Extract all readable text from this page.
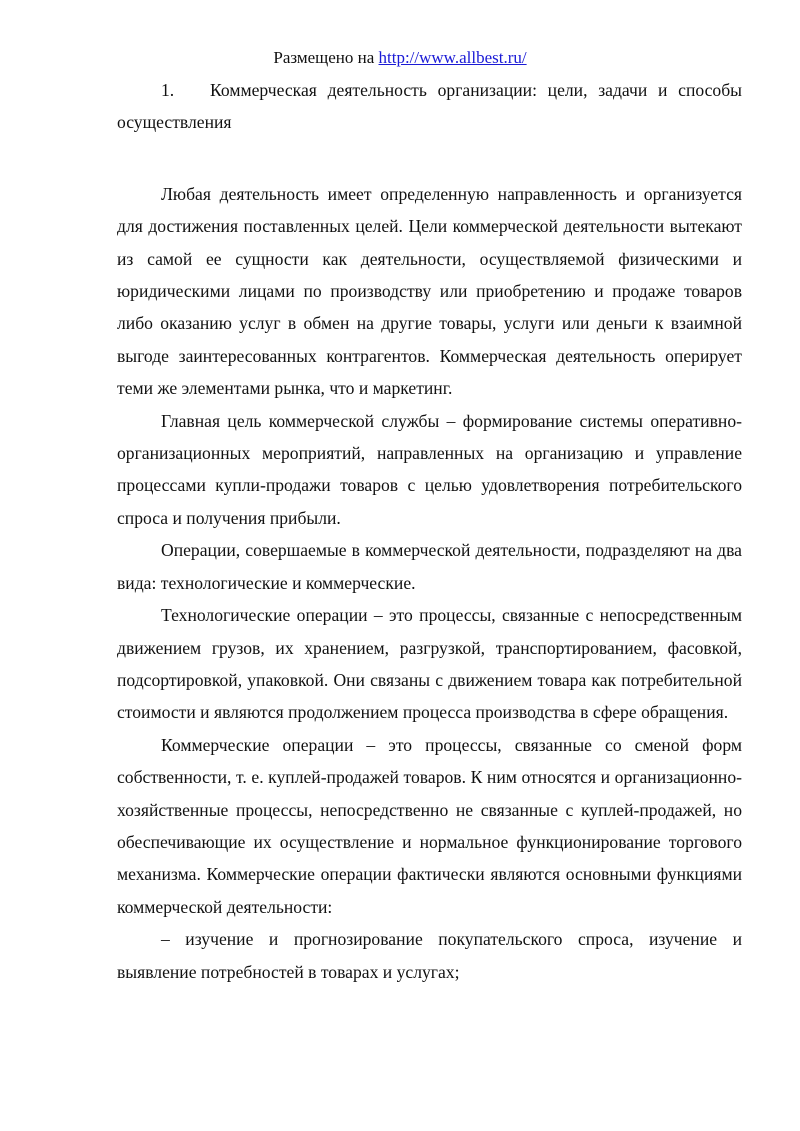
Размещено на http://www.allbest.ru/
1.	Коммерческая деятельность организации: цели, задачи и способы
осуществления

Любая деятельность имеет определенную направленность и организуется для достижения поставленных целей. Цели коммерческой деятельности вытекают из самой ее сущности как деятельности, осуществляемой физическими и юридическими лицами по производству или приобретению и продаже товаров либо оказанию услуг в обмен на другие товары, услуги или деньги к взаимной выгоде заинтересованных контрагентов. Коммерческая деятельность оперирует теми же элементами рынка, что и маркетинг.

Главная цель коммерческой службы – формирование системы оперативно-организационных мероприятий, направленных на организацию и управление процессами купли-продажи товаров с целью удовлетворения потребительского спроса и получения прибыли.

Операции, совершаемые в коммерческой деятельности, подразделяют на два вида: технологические и коммерческие.

Технологические операции – это процессы, связанные с непосредственным движением грузов, их хранением, разгрузкой, транспортированием, фасовкой, подсортировкой, упаковкой. Они связаны с движением товара как потребительной стоимости и являются продолжением процесса производства в сфере обращения.

Коммерческие операции – это процессы, связанные со сменой форм собственности, т. е. куплей-продажей товаров. К ним относятся и организационно-хозяйственные процессы, непосредственно не связанные с куплей-продажей, но обеспечивающие их осуществление и нормальное функционирование торгового механизма. Коммерческие операции фактически являются основными функциями коммерческой деятельности:

– изучение и прогнозирование покупательского спроса, изучение и выявление потребностей в товарах и услугах;
